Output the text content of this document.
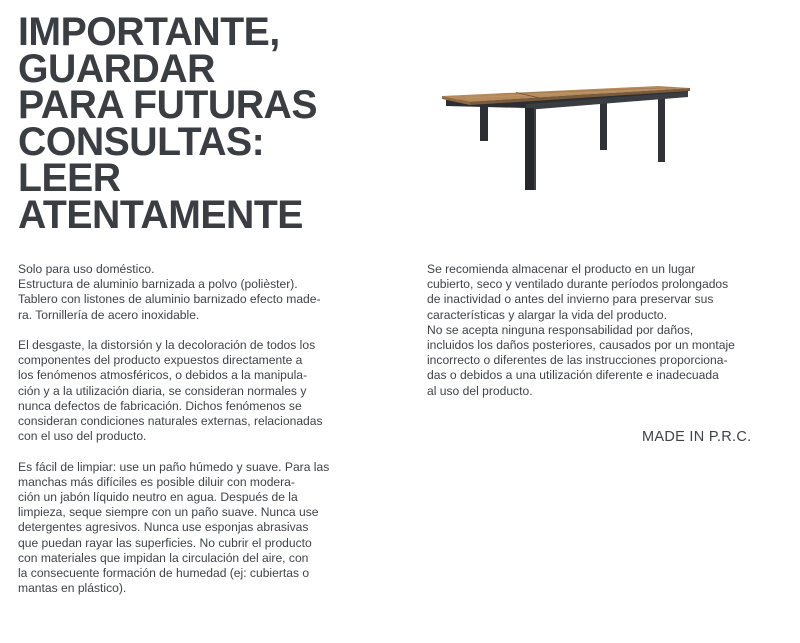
IMPORTANTE,
GUARDAR
PARA FUTURAS
CONSULTAS:
LEER
ATENTAMENTE

Solo para uso doméstico.
Estructura de aluminio barnizada a polvo (polièster).
Tablero con listones de aluminio barnizado efecto made-
ra. Tornillería de acero inoxidable.

El desgaste, la distorsión y la decoloración de todos los
componentes del producto expuestos directamente a
los fenómenos atmosféricos, o debidos a la manipula-
ción y a la utilización diaria, se consideran normales y
nunca defectos de fabricación. Dichos fenómenos se
consideran condiciones naturales externas, relacionadas
con el uso del producto.

Es fácil de limpiar: use un paño húmedo y suave. Para las
manchas más difíciles es posible diluir con modera-
ción un jabón líquido neutro en agua. Después de la
limpieza, seque siempre con un paño suave. Nunca use
detergentes agresivos. Nunca use esponjas abrasivas
que puedan rayar las superficies. No cubrir el producto
con materiales que impidan la circulación del aire, con
la consecuente formación de humedad (ej: cubiertas o
mantas en plástico).

Se recomienda almacenar el producto en un lugar
cubierto, seco y ventilado durante períodos prolongados
de inactividad o antes del invierno para preservar sus
características y alargar la vida del producto.
No se acepta ninguna responsabilidad por daños,
incluidos los daños posteriores, causados por un montaje
incorrecto o diferentes de las instrucciones proporciona-
das o debidos a una utilización diferente e inadecuada
al uso del producto.

MADE IN P.R.C.
